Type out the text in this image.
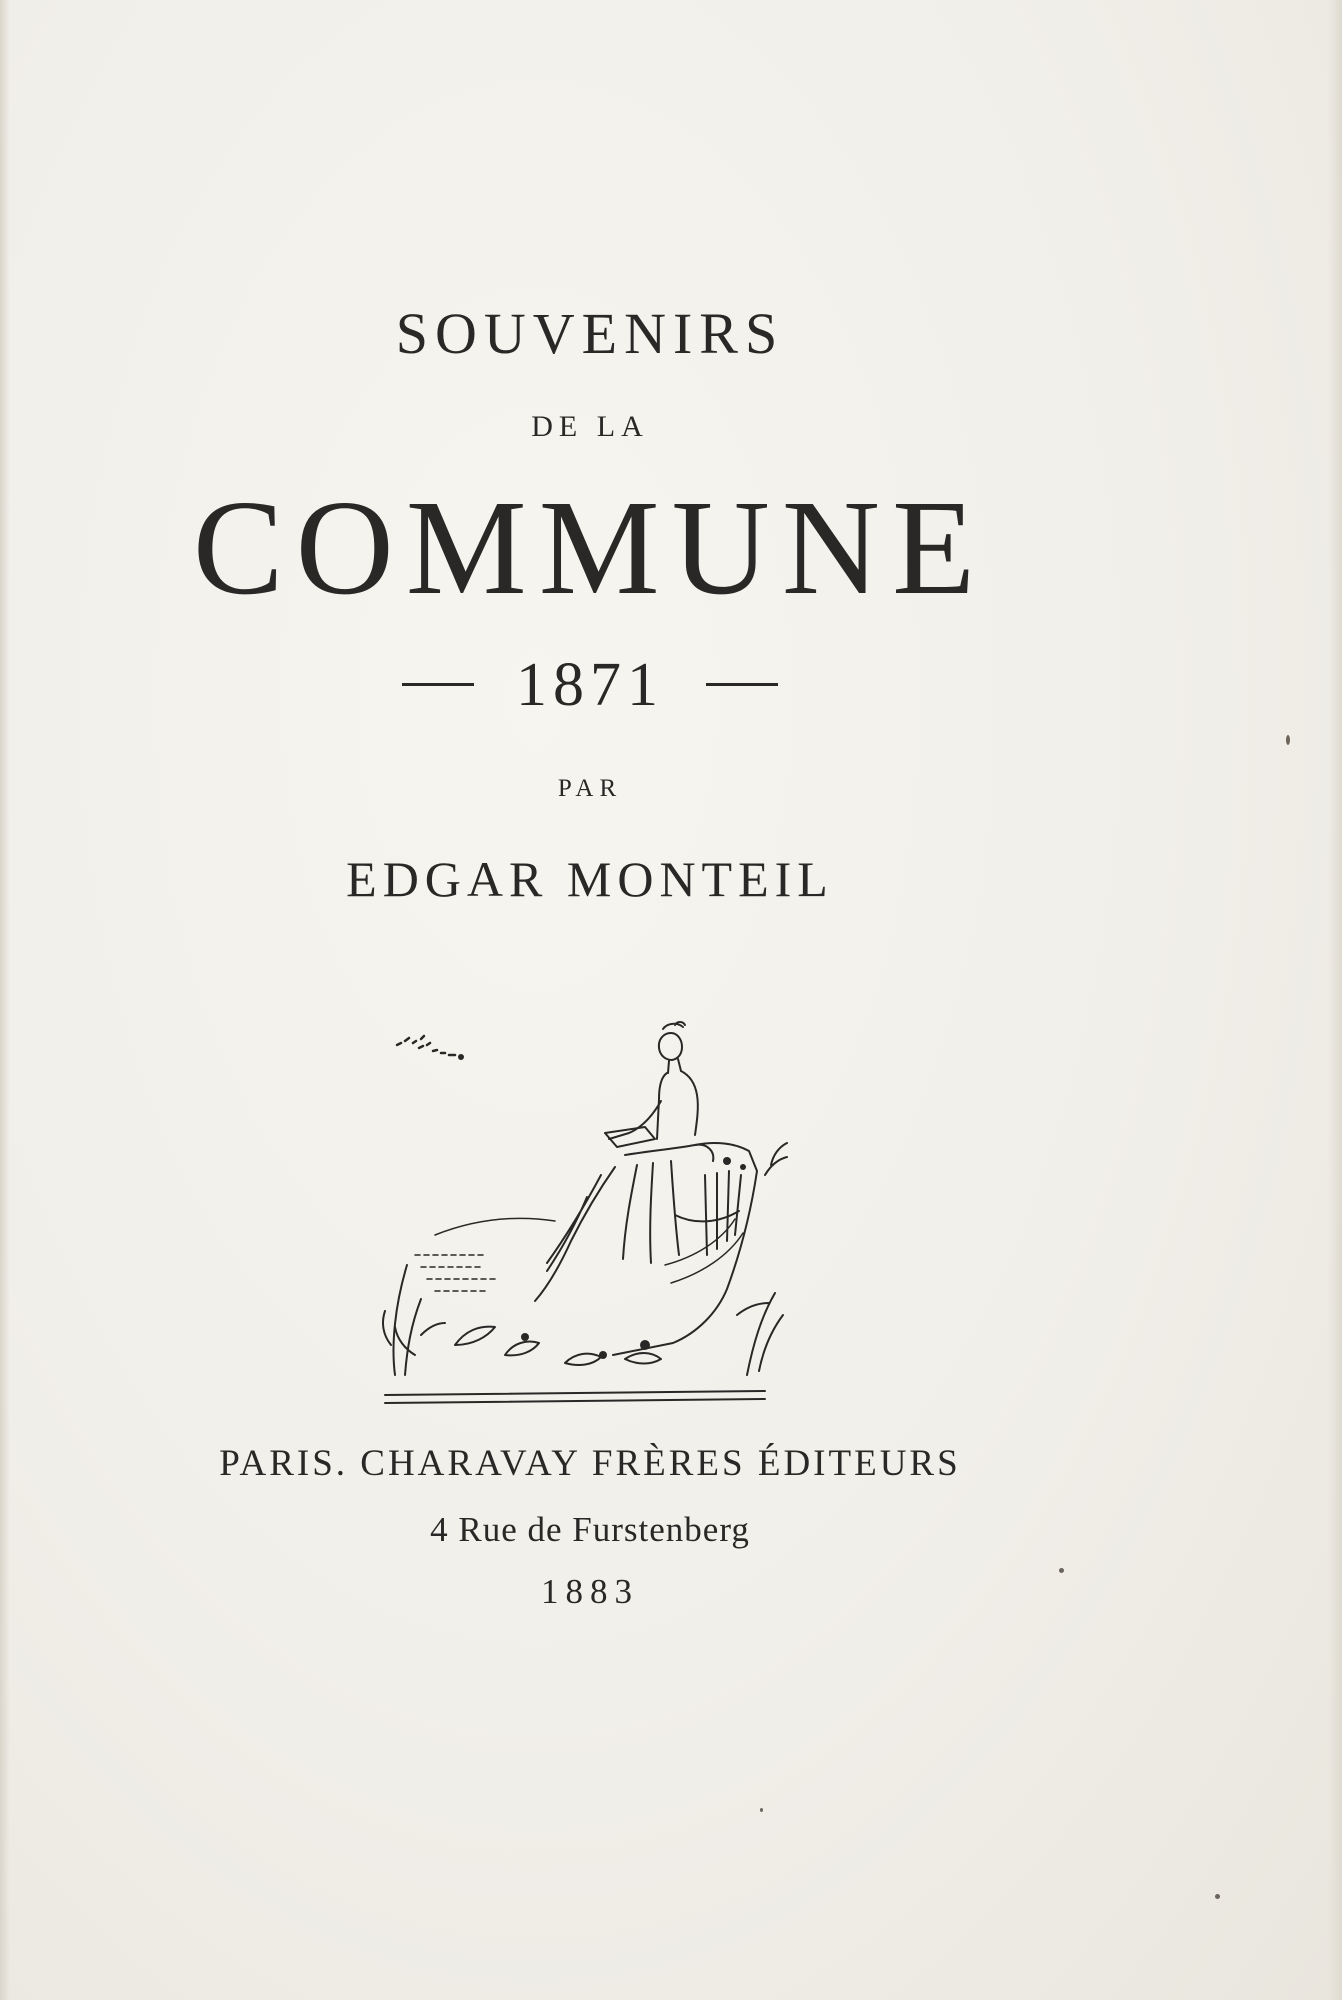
SOUVENIRS
DE LA
COMMUNE
1871
PAR
EDGAR MONTEIL
PARIS. CHARAVAY FRÈRES ÉDITEURS
4 Rue de Furstenberg
1883
